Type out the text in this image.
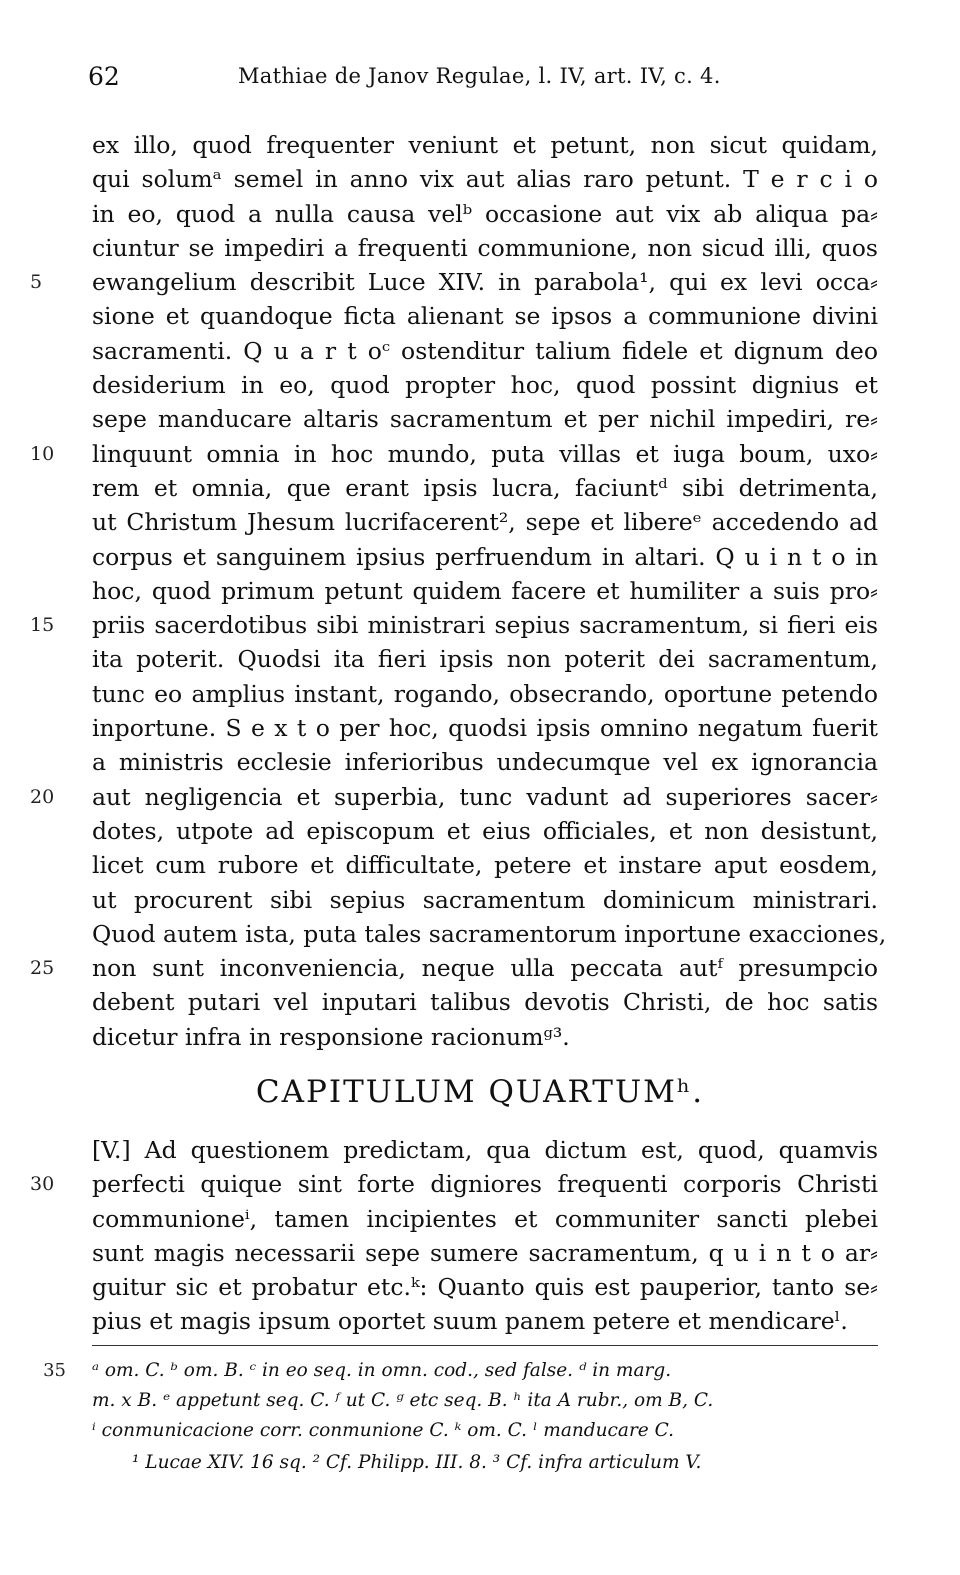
62	Mathiae de Janov Regulae, l. IV, art. IV, c. 4.
ex illo, quod frequenter veniunt et petunt, non sicut quidam,
qui solumᵃ semel in anno vix aut alias raro petunt. T e r c i o
in eo, quod a nulla causa velᵇ occasione aut vix ab aliqua pa⸗
ciuntur se impediri a frequenti communione, non sicud illi, quos
5	ewangelium describit Luce XIV. in parabola¹, qui ex levi occa⸗
sione et quandoque ficta alienant se ipsos a communione divini
sacramenti. Q u a r t oᶜ ostenditur talium fidele et dignum deo
desiderium in eo, quod propter hoc, quod possint dignius et
sepe manducare altaris sacramentum et per nichil impediri, re⸗
10	linquunt omnia in hoc mundo, puta villas et iuga boum, uxo⸗
rem et omnia, que erant ipsis lucra, faciuntᵈ sibi detrimenta,
ut Christum Jhesum lucrifacerent², sepe et libereᵉ accedendo ad
corpus et sanguinem ipsius perfruendum in altari. Q u i n t o in
hoc, quod primum petunt quidem facere et humiliter a suis pro⸗
15	priis sacerdotibus sibi ministrari sepius sacramentum, si fieri eis
ita poterit. Quodsi ita fieri ipsis non poterit dei sacramentum,
tunc eo amplius instant, rogando, obsecrando, oportune petendo
inportune. S e x t o per hoc, quodsi ipsis omnino negatum fuerit
a ministris ecclesie inferioribus undecumque vel ex ignorancia
20	aut negligencia et superbia, tunc vadunt ad superiores sacer⸗
dotes, utpote ad episcopum et eius officiales, et non desistunt,
licet cum rubore et difficultate, petere et instare aput eosdem,
ut procurent sibi sepius sacramentum dominicum ministrari.
Quod autem ista, puta tales sacramentorum inportune exacciones,
25	non sunt inconveniencia, neque ulla peccata autᶠ presumpcio
debent putari vel inputari talibus devotis Christi, de hoc satis
dicetur infra in responsione racionumᵍ³.
CAPITULUM QUARTUMʰ.
[V.] Ad questionem predictam, qua dictum est, quod, quamvis
30	perfecti quique sint forte digniores frequenti corporis Christi
communioneⁱ, tamen incipientes et communiter sancti plebei
sunt magis necessarii sepe sumere sacramentum, q u i n t o ar⸗
guitur sic et probatur etc.ᵏ: Quanto quis est pauperior, tanto se⸗
pius et magis ipsum oportet suum panem petere et mendicareˡ.
35 ᵃ om. C. ᵇ om. B. ᶜ in eo seq. in omn. cod., sed false. ᵈ in marg.
m. x B. ᵉ appetunt seq. C. ᶠ ut C. ᵍ etc seq. B. ʰ ita A rubr., om B, C.
ⁱ conmunicacione corr. conmunione C. ᵏ om. C. ˡ manducare C.
¹ Lucae XIV. 16 sq. ² Cf. Philipp. III. 8. ³ Cf. infra articulum V.
